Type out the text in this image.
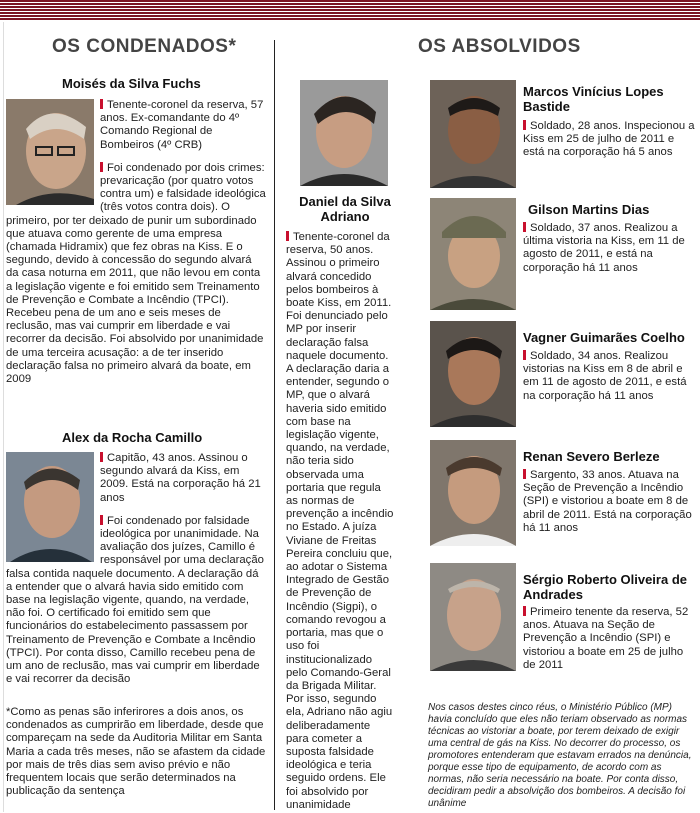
OS CONDENADOS*
Moisés da Silva Fuchs

Tenente-coronel da reserva, 57 anos. Ex-comandante do 4º Comando Regional de Bombeiros (4º CRB)

Foi condenado por dois crimes: prevaricação (por quatro votos contra um) e falsidade ideológica (três votos contra dois). O primeiro, por ter deixado de punir um subordinado que atuava como gerente de uma empresa (chamada Hidramix) que fez obras na Kiss. E o segundo, devido à concessão do segundo alvará da casa noturna em 2011, que não levou em conta a legislação vigente e foi emitido sem Treinamento de Prevenção e Combate a Incêndio (TPCI). Recebeu pena de um ano e seis meses de reclusão, mas vai cumprir em liberdade e vai recorrer da decisão. Foi absolvido por unanimidade de uma terceira acusação: a de ter inserido declaração falsa no primeiro alvará da boate, em 2009

Alex da Rocha Camillo

Capitão, 43 anos. Assinou o segundo alvará da Kiss, em 2009. Está na corporação há 21 anos

Foi condenado por falsidade ideológica por unanimidade. Na avaliação dos juízes, Camillo é responsável por uma declaração falsa contida naquele documento. A declaração dá a entender que o alvará havia sido emitido com base na legislação vigente, quando, na verdade, não foi. O certificado foi emitido sem que funcionários do estabelecimento passassem por Treinamento de Prevenção e Combate a Incêndio (TPCI). Por conta disso, Camillo recebeu pena de um ano de reclusão, mas vai cumprir em liberdade e vai recorrer da decisão

*Como as penas são inferirores a dois anos, os condenados as cumprirão em liberdade, desde que compareçam na sede da Auditoria Militar em Santa Maria a cada três meses, não se afastem da cidade por mais de três dias sem aviso prévio e não frequentem locais que serão determinados na publicação da sentença
Daniel da Silva Adriano

Tenente-coronel da reserva, 50 anos. Assinou o primeiro alvará concedido pelos bombeiros à boate Kiss, em 2011. Foi denunciado pelo MP por inserir declaração falsa naquele documento. A declaração daria a entender, segundo o MP, que o alvará haveria sido emitido com base na legislação vigente, quando, na verdade, não teria sido observada uma portaria que regula as normas de prevenção a incêndio no Estado. A juíza Viviane de Freitas Pereira concluiu que, ao adotar o Sistema Integrado de Gestão de Prevenção de Incêndio (Sigpi), o comando revogou a portaria, mas que o uso foi institucionalizado pelo Comando-Geral da Brigada Militar. Por isso, segundo ela, Adriano não agiu deliberadamente para cometer a suposta falsidade ideológica e teria seguido ordens. Ele foi absolvido por unanimidade

OS ABSOLVIDOS
Marcos Vinícius Lopes Bastide

Soldado, 28 anos. Inspecionou a Kiss em 25 de julho de 2011 e está na corporação há 5 anos

Gilson Martins Dias

Soldado, 37 anos. Realizou a última vistoria na Kiss, em 11 de agosto de 2011, e está na corporação há 11 anos

Vagner Guimarães Coelho

Soldado, 34 anos. Realizou vistorias na Kiss em 8 de abril e em 11 de agosto de 2011, e está na corporação há 11 anos

Renan Severo Berleze

Sargento, 33 anos. Atuava na Seção de Prevenção a Incêndio (SPI) e vistoriou a boate em 8 de abril de 2011. Está na corporação há 11 anos

Sérgio Roberto Oliveira de Andrades

Primeiro tenente da reserva, 52 anos. Atuava na Seção de Prevenção a Incêndio (SPI) e vistoriou a boate em 25 de julho de 2011

Nos casos destes cinco réus, o Ministério Público (MP) havia concluído que eles não teriam observado as normas técnicas ao vistoriar a boate, por terem deixado de exigir uma central de gás na Kiss. No decorrer do processo, os promotores entenderam que estavam errados na denúncia, porque esse tipo de equipamento, de acordo com as normas, não seria necessário na boate. Por conta disso, decidiram pedir a absolvição dos bombeiros. A decisão foi unânime
